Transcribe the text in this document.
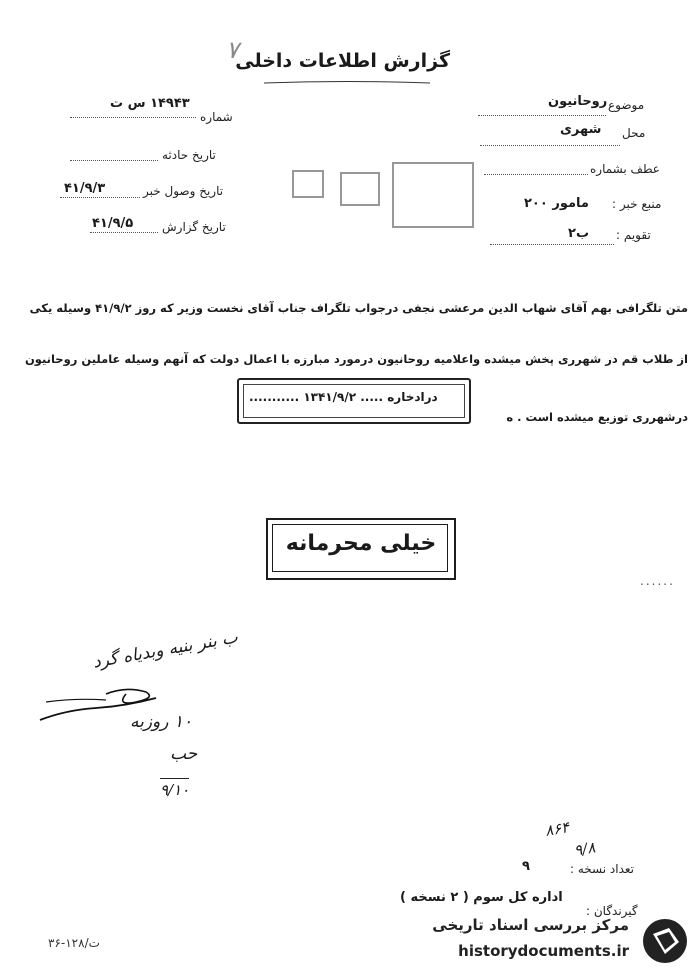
۷
گزارش اطلاعات داخلی
شماره
۱۴۹۴۳ س ت
تاریخ حادثه
تاریخ وصول خبر
۴۱/۹/۳
تاریخ گزارش
۴۱/۹/۵
موضوع
روحانیون
محل
شهری
عطف بشماره
منبع خبر :
مامور ۲۰۰
تقویم :
ب۲
متن تلگرافی بهم آقای شهاب الدین مرعشی نجفی درجواب تلگراف جناب آقای نخست وزیر که روز ۴۱/۹/۲ وسیله یکی
از طلاب قم در شهرری پخش میشده واعلامیه روحانیون درمورد مبارزه با اعمال دولت که آنهم وسیله عاملین روحانیون
درادخاره ..... ۱۳۴۱/۹/۲ ...........
درشهرری توزیع میشده است . ه
خیلی محرمانه
......
ب بنر بنیه وبدیاه گرد
۱۰ روزبه
حب
۹/۱۰
۸۶۴
۹/۸
تعداد نسخه :
۹
گیرندگان :
اداره کل سوم ( ۲ نسخه )
ت/۱۲۸-۳۶
مرکز بررسی اسناد تاریخی
historydocuments.ir
